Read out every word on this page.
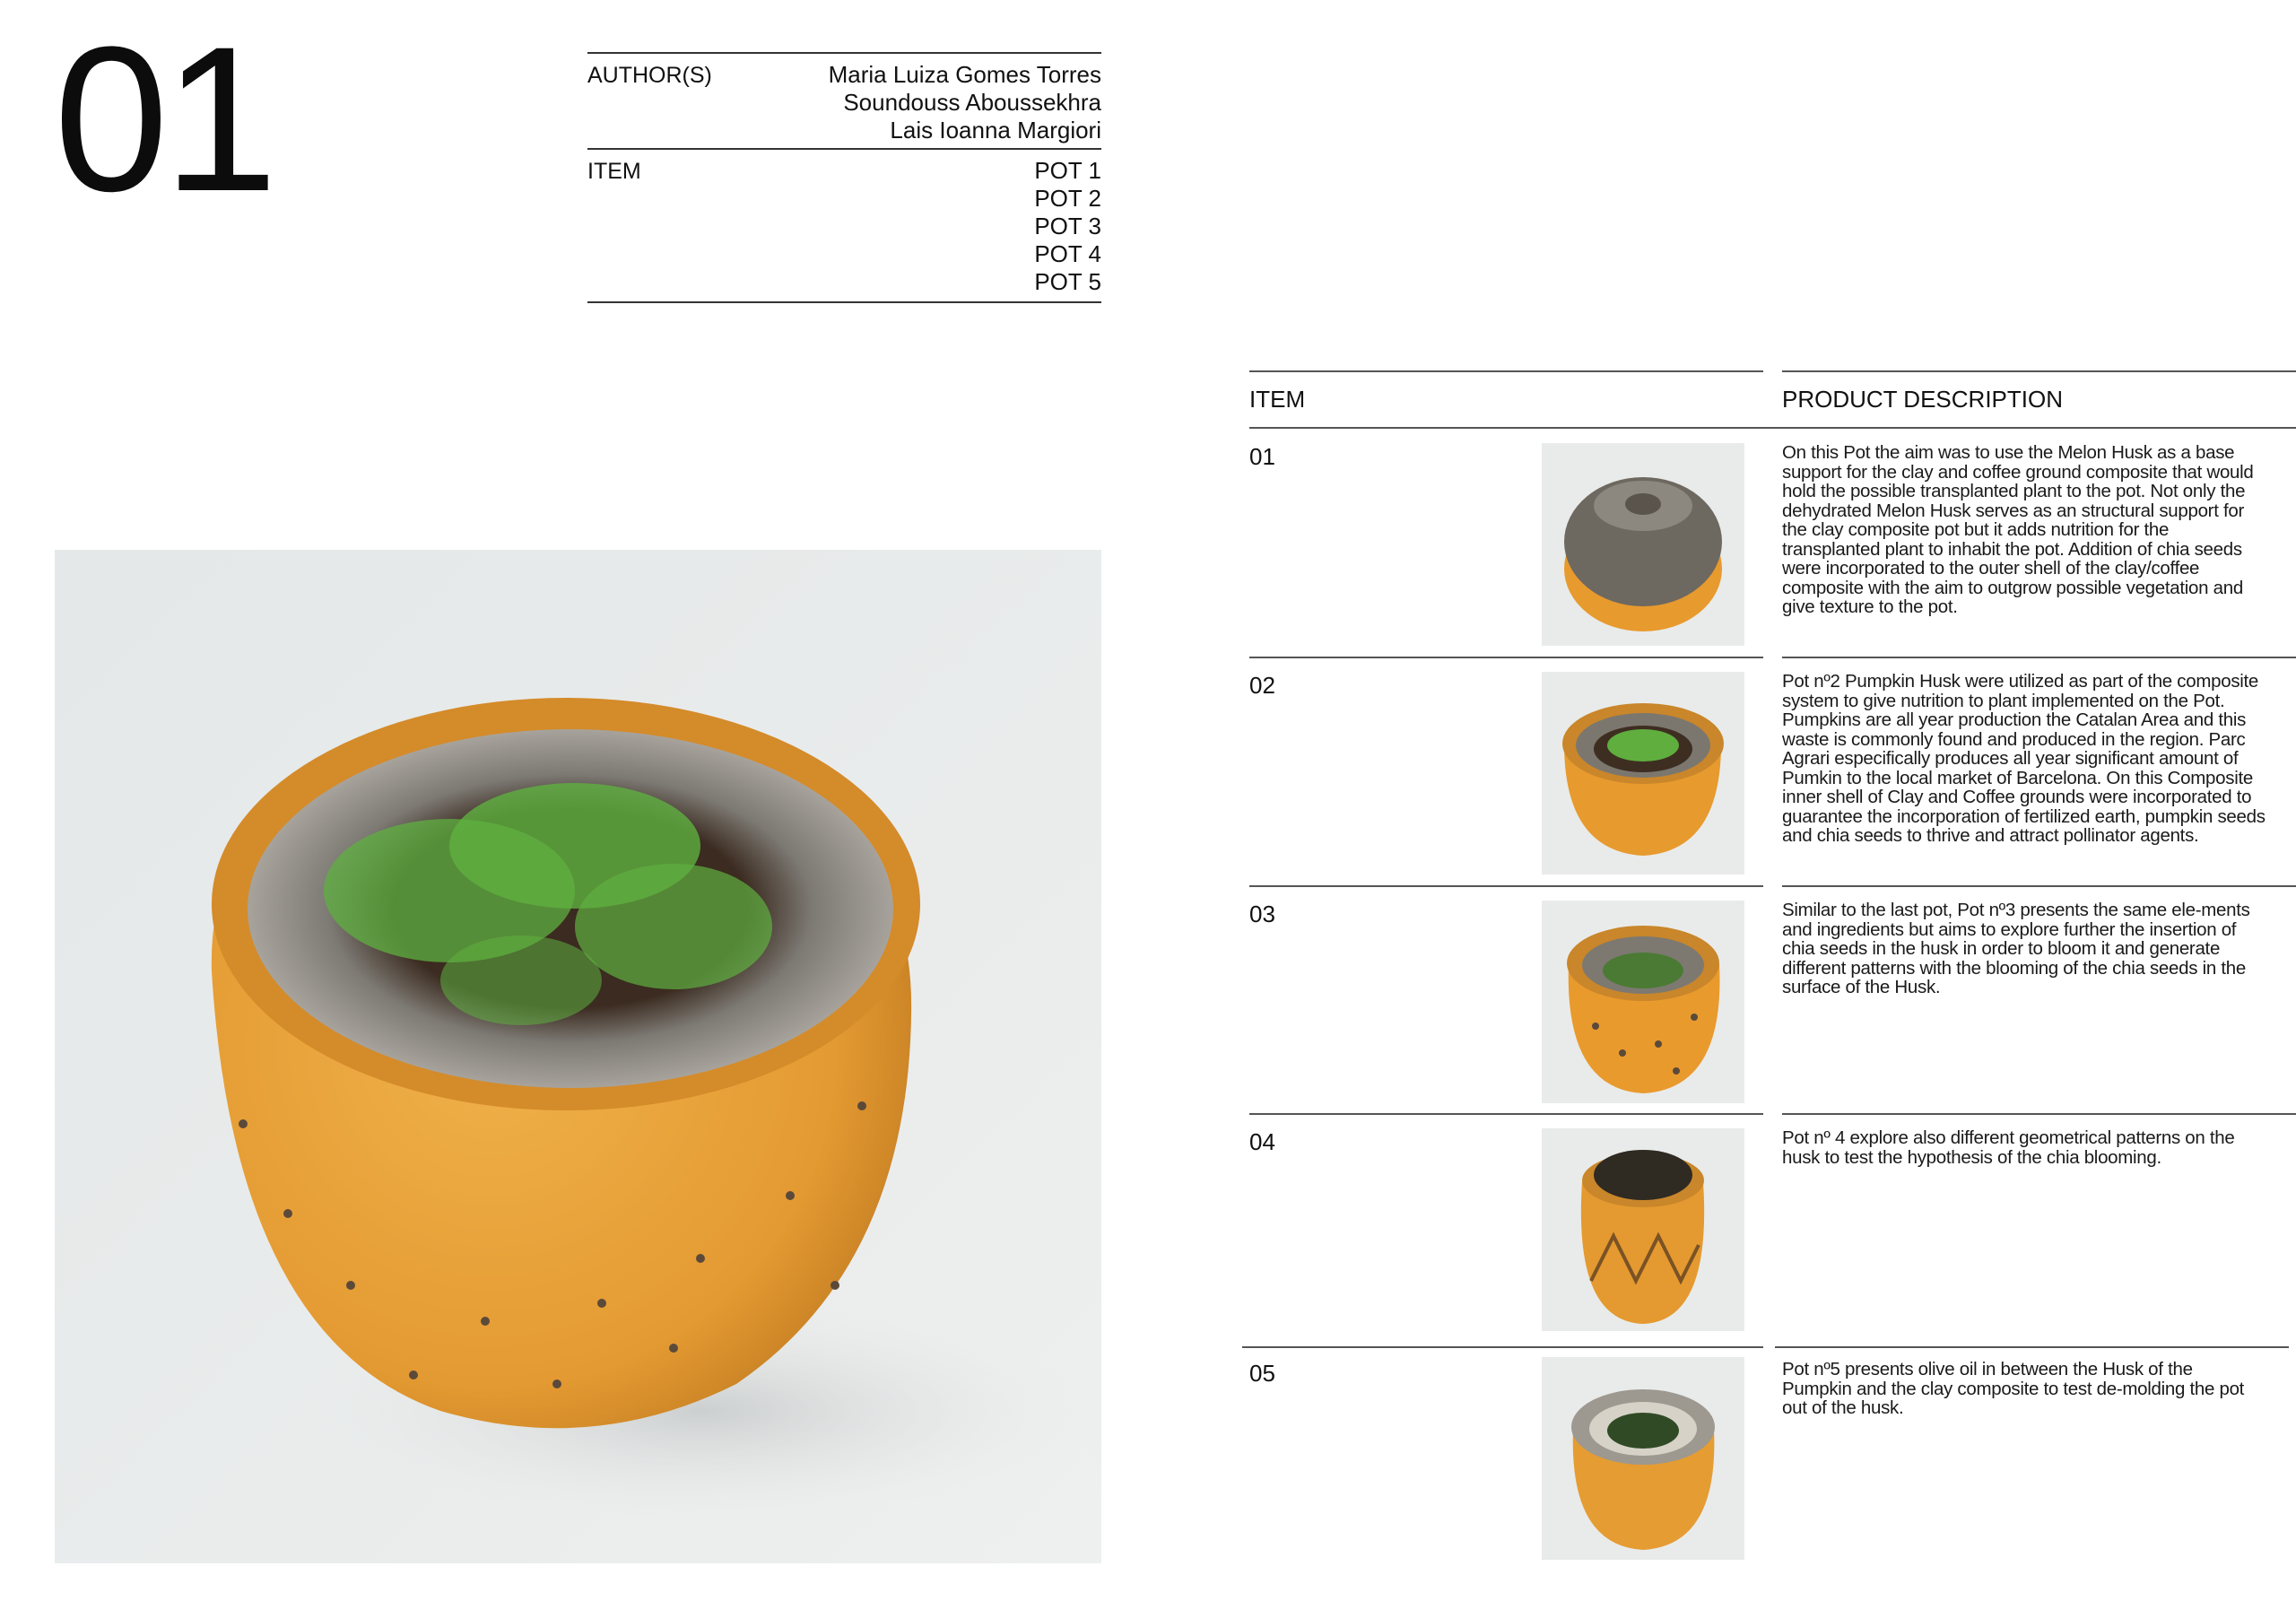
01	AUTHOR(S)	Maria Luiza Gomes Torres
Soundouss Aboussekhra
Lais Ioanna Margiori
ITEM	POT 1
POT 2
POT 3
POT 4
POT 5
ITEM	PRODUCT DESCRIPTION
01	On this Pot the aim was to use the Melon Husk as a base support for the clay and coffee ground composite that would hold the possible transplanted plant to the pot. Not only the dehydrated Melon Husk serves as an structural support for the clay composite pot but it adds nutrition for the transplanted plant to inhabit the pot. Addition of chia seeds were incorporated to the outer shell of the clay/coffee composite with the aim to outgrow possible vegetation and give texture to the pot.
02	Pot nº2 Pumpkin Husk were utilized as part of the composite system to give nutrition to plant implemented on the Pot. Pumpkins are all year production the Catalan Area and this waste is commonly found and produced in the region. Parc Agrari especifically produces all year significant amount of Pumkin to the local market of Barcelona. On this Composite inner shell of Clay and Coffee grounds were incorporated to guarantee the incorporation of fertilized earth, pumpkin seeds and chia seeds to thrive and attract pollinator agents.
03	Similar to the last pot, Pot nº3 presents the same ele-ments and ingredients but aims to explore further the insertion of chia seeds in the husk in order to bloom it and generate different patterns with the blooming of the chia seeds in the surface of the Husk.
04	Pot nº 4 explore also different geometrical patterns on the husk to test the hypothesis of the chia blooming.
05	Pot nº5 presents olive oil in between the Husk of the Pumpkin and the clay composite to test de-molding the pot out of the husk.
